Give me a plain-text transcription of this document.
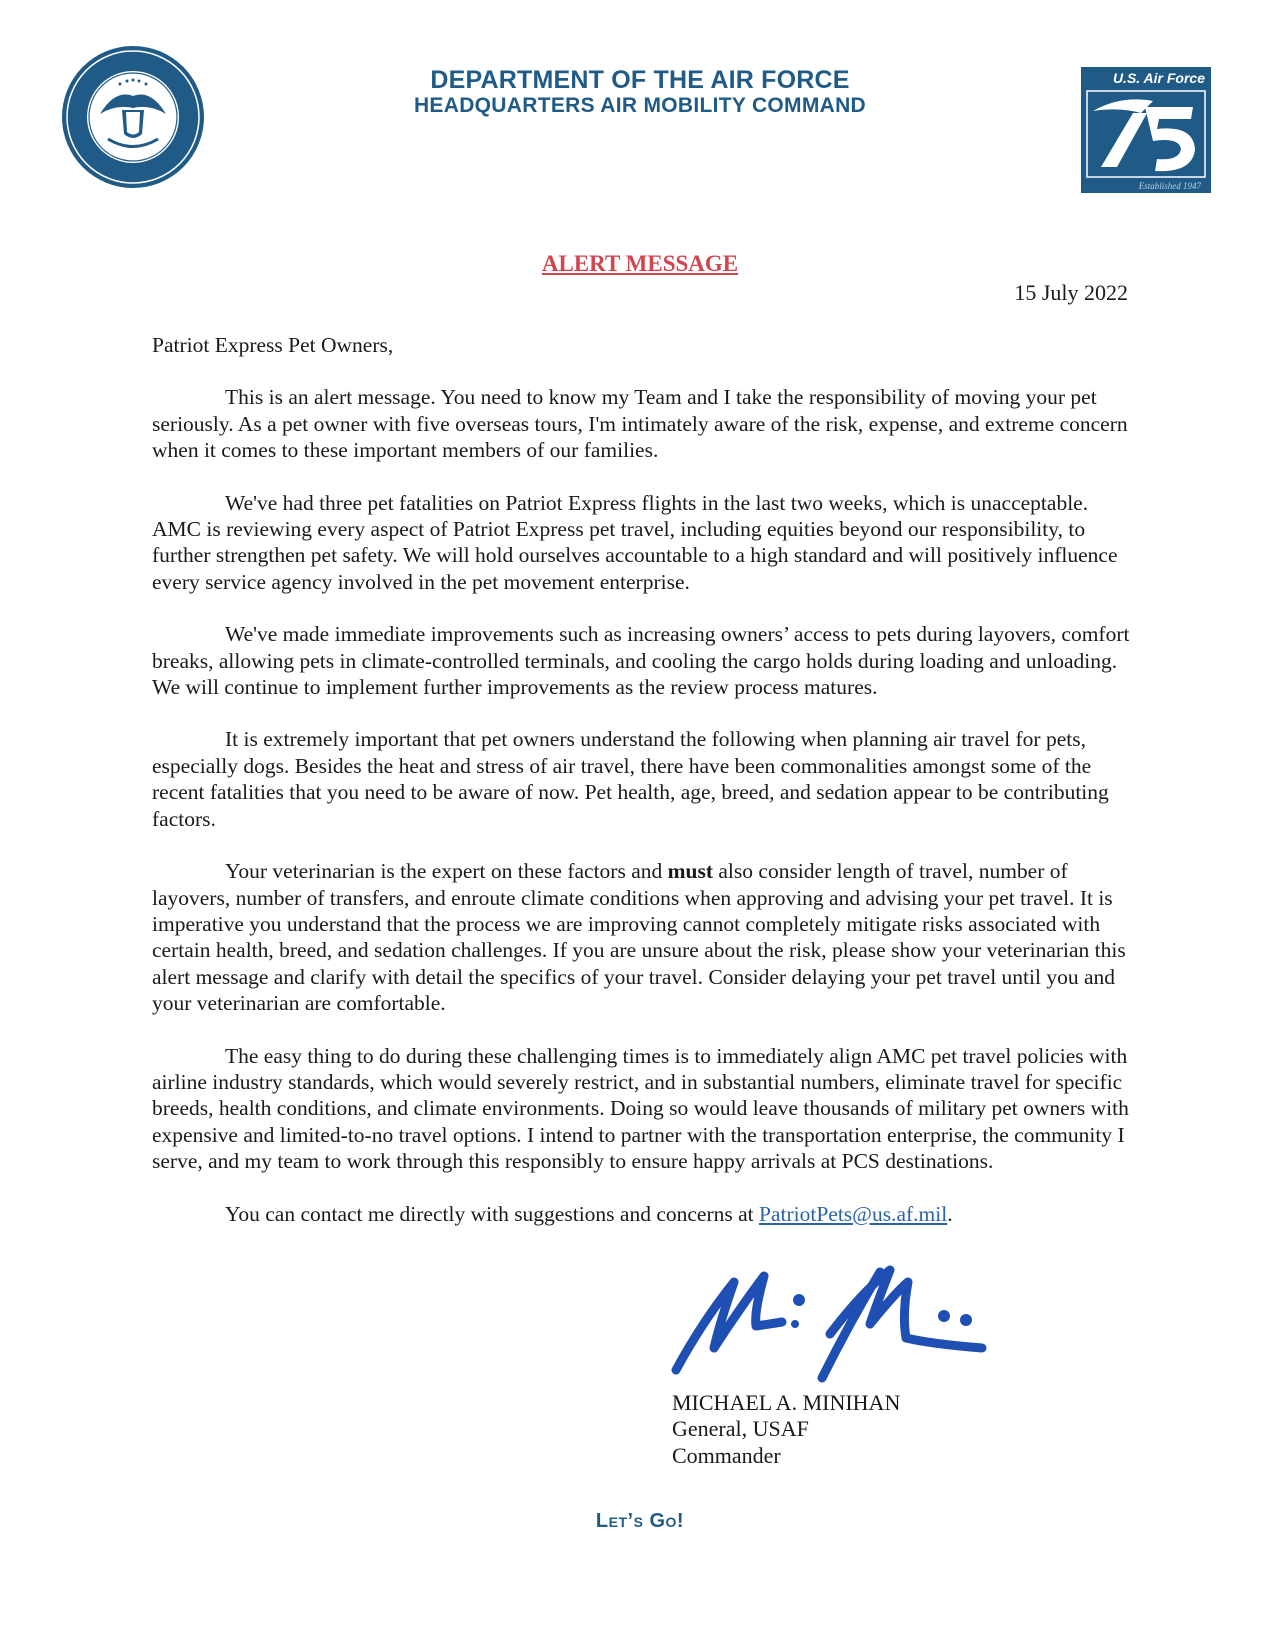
DEPARTMENT OF THE AIR FORCE
HEADQUARTERS AIR MOBILITY COMMAND
U.S. Air Force
Established 1947
ALERT MESSAGE
15 July 2022

Patriot Express Pet Owners,

This is an alert message. You need to know my Team and I take the responsibility of moving your pet seriously. As a pet owner with five overseas tours, I'm intimately aware of the risk, expense, and extreme concern when it comes to these important members of our families.

We've had three pet fatalities on Patriot Express flights in the last two weeks, which is unacceptable. AMC is reviewing every aspect of Patriot Express pet travel, including equities beyond our responsibility, to further strengthen pet safety. We will hold ourselves accountable to a high standard and will positively influence every service agency involved in the pet movement enterprise.

We've made immediate improvements such as increasing owners’ access to pets during layovers, comfort breaks, allowing pets in climate-controlled terminals, and cooling the cargo holds during loading and unloading. We will continue to implement further improvements as the review process matures.

It is extremely important that pet owners understand the following when planning air travel for pets, especially dogs. Besides the heat and stress of air travel, there have been commonalities amongst some of the recent fatalities that you need to be aware of now. Pet health, age, breed, and sedation appear to be contributing factors.

Your veterinarian is the expert on these factors and must also consider length of travel, number of layovers, number of transfers, and enroute climate conditions when approving and advising your pet travel. It is imperative you understand that the process we are improving cannot completely mitigate risks associated with certain health, breed, and sedation challenges. If you are unsure about the risk, please show your veterinarian this alert message and clarify with detail the specifics of your travel. Consider delaying your pet travel until you and your veterinarian are comfortable.

The easy thing to do during these challenging times is to immediately align AMC pet travel policies with airline industry standards, which would severely restrict, and in substantial numbers, eliminate travel for specific breeds, health conditions, and climate environments. Doing so would leave thousands of military pet owners with expensive and limited-to-no travel options. I intend to partner with the transportation enterprise, the community I serve, and my team to work through this responsibly to ensure happy arrivals at PCS destinations.

You can contact me directly with suggestions and concerns at PatriotPets@us.af.mil.

MICHAEL A. MINIHAN
General, USAF
Commander
Let’s Go!
